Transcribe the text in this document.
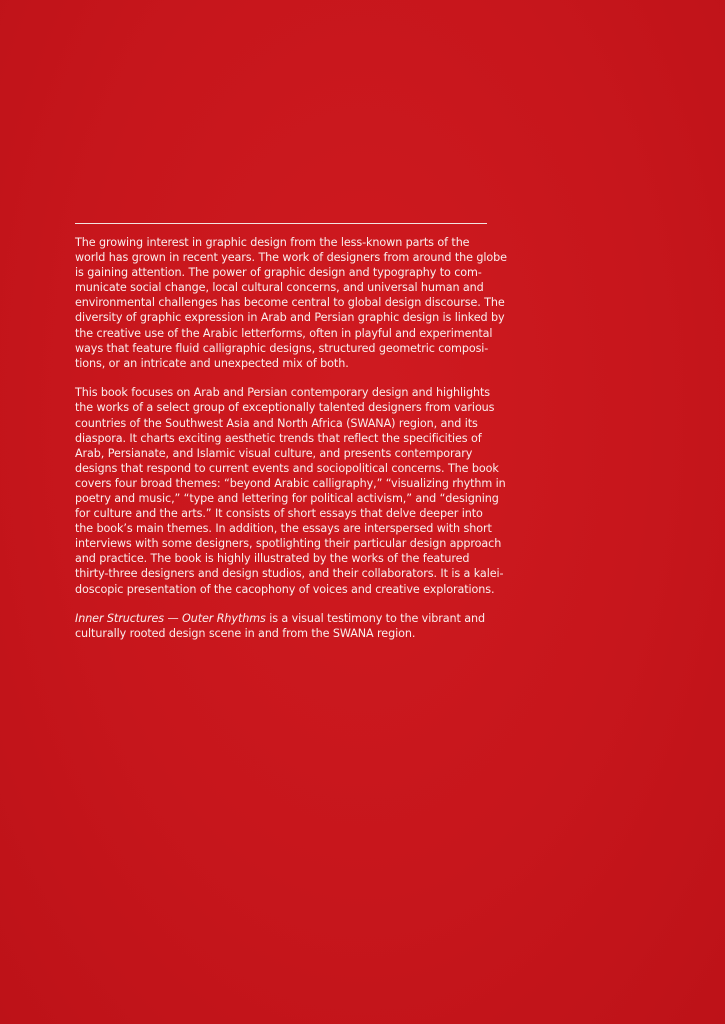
The growing interest in graphic design from the less-known parts of the
world has grown in recent years. The work of designers from around the globe
is gaining attention. The power of graphic design and typography to com-
municate social change, local cultural concerns, and universal human and
environmental challenges has become central to global design discourse. The
diversity of graphic expression in Arab and Persian graphic design is linked by
the creative use of the Arabic letterforms, often in playful and experimental
ways that feature fluid calligraphic designs, structured geometric composi-
tions, or an intricate and unexpected mix of both.
This book focuses on Arab and Persian contemporary design and highlights
the works of a select group of exceptionally talented designers from various
countries of the Southwest Asia and North Africa (SWANA) region, and its
diaspora. It charts exciting aesthetic trends that reflect the specificities of
Arab, Persianate, and Islamic visual culture, and presents contemporary
designs that respond to current events and sociopolitical concerns. The book
covers four broad themes: “beyond Arabic calligraphy,” “visualizing rhythm in
poetry and music,” “type and lettering for political activism,” and “designing
for culture and the arts.” It consists of short essays that delve deeper into
the book’s main themes. In addition, the essays are interspersed with short
interviews with some designers, spotlighting their particular design approach
and practice. The book is highly illustrated by the works of the featured
thirty-three designers and design studios, and their collaborators. It is a kalei-
doscopic presentation of the cacophony of voices and creative explorations.
Inner Structures — Outer Rhythms is a visual testimony to the vibrant and
culturally rooted design scene in and from the SWANA region.
